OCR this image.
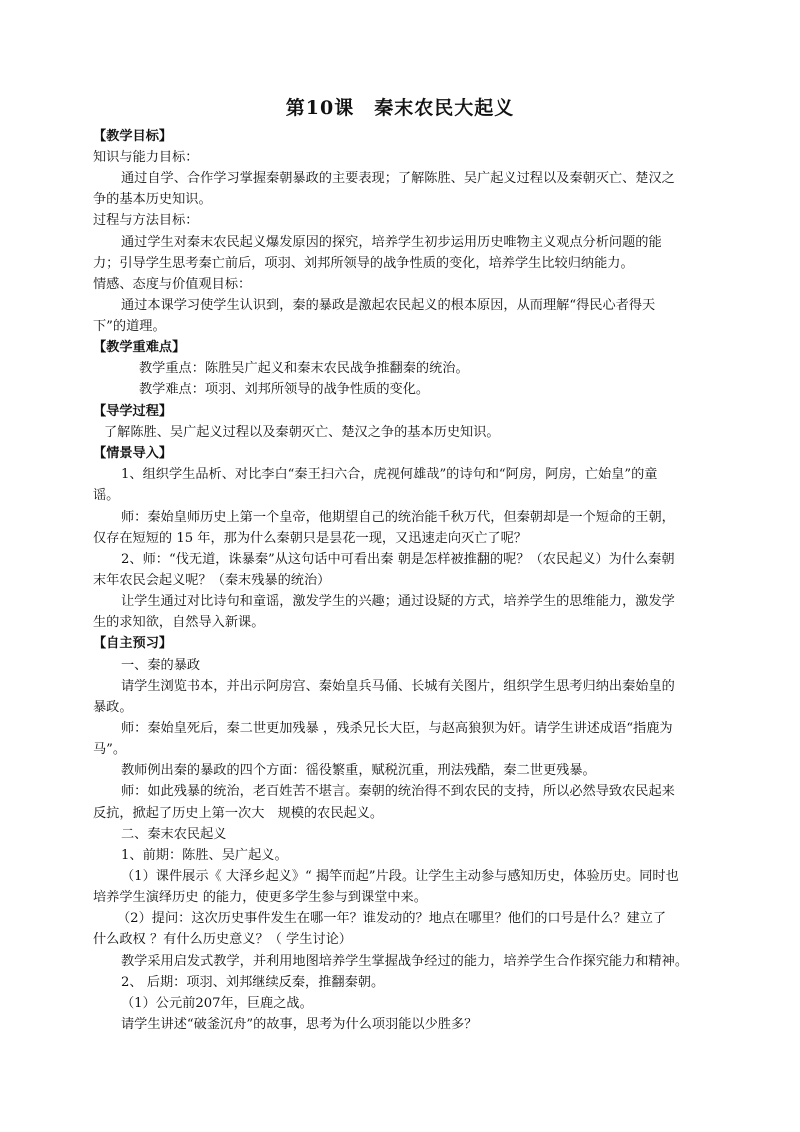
第10课　秦末农民大起义
【教学目标】
知识与能力目标：
通过自学、合作学习掌握秦朝暴政的主要表现；了解陈胜、吴广起义过程以及秦朝灭亡、楚汉之
争的基本历史知识。
过程与方法目标：
通过学生对秦末农民起义爆发原因的探究，培养学生初步运用历史唯物主义观点分析问题的能
力；引导学生思考秦亡前后，项羽、刘邦所领导的战争性质的变化，培养学生比较归纳能力。
情感、态度与价值观目标：
通过本课学习使学生认识到，秦的暴政是激起农民起义的根本原因，从而理解“得民心者得天
下”的道理。
【教学重难点】
教学重点：陈胜吴广起义和秦末农民战争推翻秦的统治。
教学难点：项羽、刘邦所领导的战争性质的变化。
【导学过程】
了解陈胜、吴广起义过程以及秦朝灭亡、楚汉之争的基本历史知识。
【情景导入】
1、组织学生品析、对比李白“秦王扫六合，虎视何雄哉”的诗句和“阿房，阿房，亡始皇”的童
谣。
师：秦始皇师历史上第一个皇帝，他期望自己的统治能千秋万代，但秦朝却是一个短命的王朝，
仅存在短短的 15 年，那为什么秦朝只是昙花一现，又迅速走向灭亡了呢？
2、师：“伐无道，诛暴秦”从这句话中可看出秦 朝是怎样被推翻的呢？（农民起义）为什么秦朝
末年农民会起义呢？（秦末残暴的统治）
让学生通过对比诗句和童谣，激发学生的兴趣；通过设疑的方式，培养学生的思维能力，激发学
生的求知欲，自然导入新课。
【自主预习】
一、秦的暴政
请学生浏览书本，并出示阿房宫、秦始皇兵马俑、长城有关图片，组织学生思考归纳出秦始皇的
暴政。
师：秦始皇死后，秦二世更加残暴 ，残杀兄长大臣，与赵高狼狈为奸。请学生讲述成语“指鹿为
马”。
教师例出秦的暴政的四个方面：徭役繁重，赋税沉重，刑法残酷，秦二世更残暴。
师：如此残暴的统治，老百姓苦不堪言。秦朝的统治得不到农民的支持，所以必然导致农民起来
反抗，掀起了历史上第一次大　规模的农民起义。
二、秦末农民起义
1、前期：陈胜、吴广起义。
（1）课件展示《 大泽乡起义》“ 揭竿而起”片段。让学生主动参与感知历史，体验历史。同时也
培养学生演绎历史 的能力，使更多学生参与到课堂中来。
（2）提问：这次历史事件发生在哪一年？谁发动的？地点在哪里？他们的口号是什么？建立了
什么政权 ？有什么历史意义？（ 学生讨论）
教学采用启发式教学，并利用地图培养学生掌握战争经过的能力，培养学生合作探究能力和精神。
2、 后期：项羽、刘邦继续反秦，推翻秦朝。
（1）公元前207年，巨鹿之战。
请学生讲述“破釜沉舟”的故事，思考为什么项羽能以少胜多？
